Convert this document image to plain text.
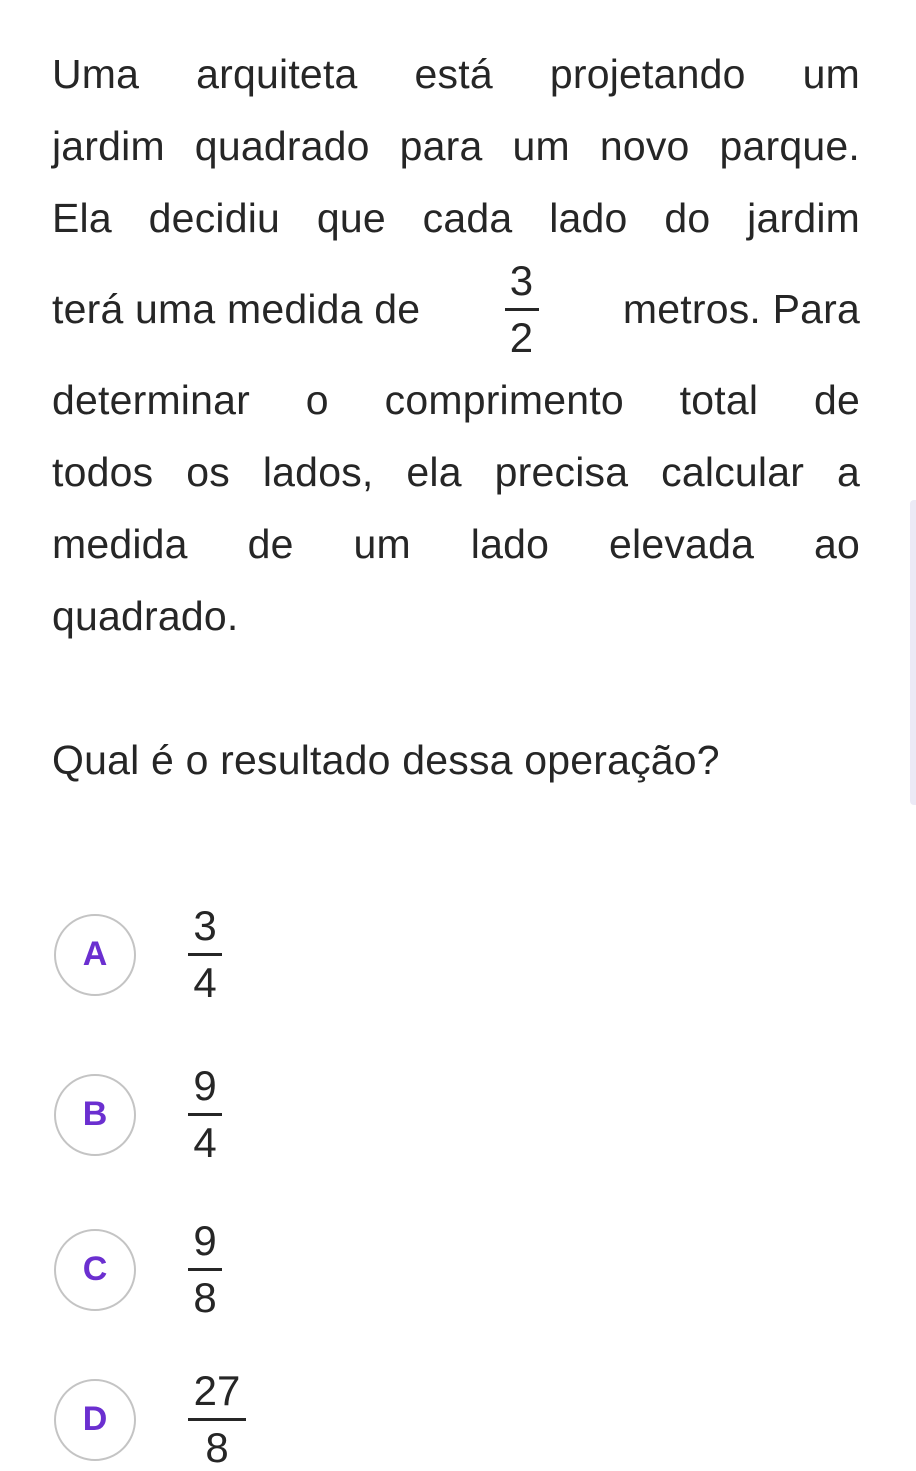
Uma arquiteta está projetando um
jardim quadrado para um novo parque.
Ela decidiu que cada lado do jardim
terá uma medida de $\frac{3}{2}$ metros. Para
determinar o comprimento total de
todos os lados, ela precisa calcular a
medida de um lado elevada ao
quadrado.
Qual é o resultado dessa operação?
A	$\frac{3}{4}$
B	$\frac{9}{4}$
C	$\frac{9}{8}$
D	$\frac{27}{8}$
